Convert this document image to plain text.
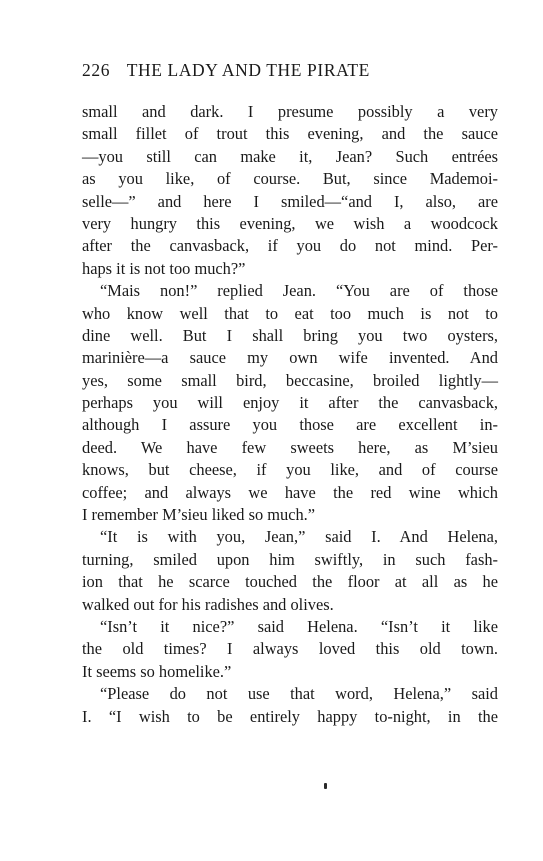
226 THE LADY AND THE PIRATE
small and dark. I presume possibly a very
small fillet of trout this evening, and the sauce
—you still can make it, Jean? Such entrées
as you like, of course. But, since Mademoi-
selle—” and here I smiled—“and I, also, are
very hungry this evening, we wish a woodcock
after the canvasback, if you do not mind. Per-
haps it is not too much?”
“Mais non!” replied Jean. “You are of those
who know well that to eat too much is not to
dine well. But I shall bring you two oysters,
marinière—a sauce my own wife invented. And
yes, some small bird, beccasine, broiled lightly—
perhaps you will enjoy it after the canvasback,
although I assure you those are excellent in-
deed. We have few sweets here, as M’sieu
knows, but cheese, if you like, and of course
coffee; and always we have the red wine which
I remember M’sieu liked so much.”
“It is with you, Jean,” said I. And Helena,
turning, smiled upon him swiftly, in such fash-
ion that he scarce touched the floor at all as he
walked out for his radishes and olives.
“Isn’t it nice?” said Helena. “Isn’t it like
the old times? I always loved this old town.
It seems so homelike.”
“Please do not use that word, Helena,” said
I. “I wish to be entirely happy to-night, in the
